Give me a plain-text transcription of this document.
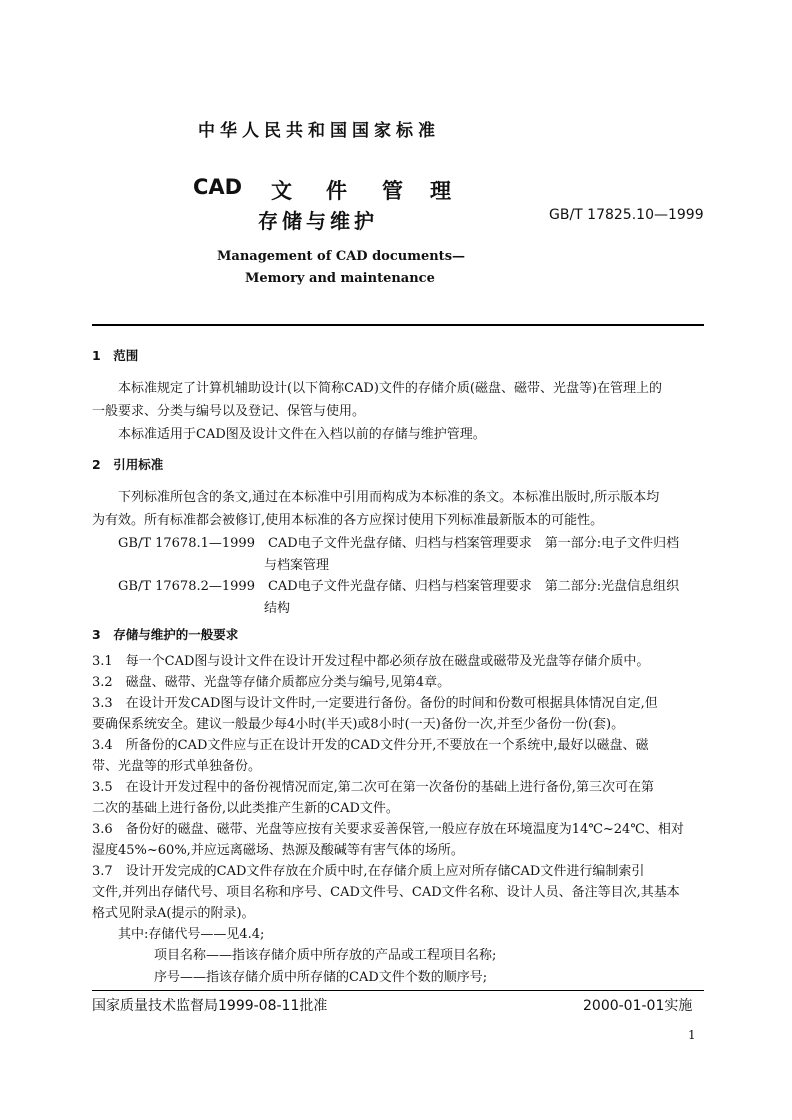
中华人民共和国国家标准
CAD 文 件 管 理
存储与维护	GB/T 17825.10—1999
Management of CAD documents—
Memory and maintenance
1　范围
本标准规定了计算机辅助设计(以下简称CAD)文件的存储介质(磁盘、磁带、光盘等)在管理上的
一般要求、分类与编号以及登记、保管与使用。
本标准适用于CAD图及设计文件在入档以前的存储与维护管理。
2　引用标准
下列标准所包含的条文,通过在本标准中引用而构成为本标准的条文。本标准出版时,所示版本均
为有效。所有标准都会被修订,使用本标准的各方应探讨使用下列标准最新版本的可能性。
GB/T 17678.1—1999　CAD电子文件光盘存储、归档与档案管理要求　第一部分:电子文件归档
与档案管理
GB/T 17678.2—1999　CAD电子文件光盘存储、归档与档案管理要求　第二部分:光盘信息组织
结构
3　存储与维护的一般要求
3.1　每一个CAD图与设计文件在设计开发过程中都必须存放在磁盘或磁带及光盘等存储介质中。
3.2　磁盘、磁带、光盘等存储介质都应分类与编号,见第4章。
3.3　在设计开发CAD图与设计文件时,一定要进行备份。备份的时间和份数可根据具体情况自定,但
要确保系统安全。建议一般最少每4小时(半天)或8小时(一天)备份一次,并至少备份一份(套)。
3.4　所备份的CAD文件应与正在设计开发的CAD文件分开,不要放在一个系统中,最好以磁盘、磁
带、光盘等的形式单独备份。
3.5　在设计开发过程中的备份视情况而定,第二次可在第一次备份的基础上进行备份,第三次可在第
二次的基础上进行备份,以此类推产生新的CAD文件。
3.6　备份好的磁盘、磁带、光盘等应按有关要求妥善保管,一般应存放在环境温度为14℃~24℃、相对
湿度45%~60%,并应远离磁场、热源及酸碱等有害气体的场所。
3.7　设计开发完成的CAD文件存放在介质中时,在存储介质上应对所存储CAD文件进行编制索引
文件,并列出存储代号、项目名称和序号、CAD文件号、CAD文件名称、设计人员、备注等目次,其基本
格式见附录A(提示的附录)。
其中:存储代号——见4.4;
国家质量技术监督局1999-08-11批准	2000-01-01实施
1
项目名称——指该存储介质中所存放的产品或工程项目名称;
序号——指该存储介质中所存储的CAD文件个数的顺序号;
